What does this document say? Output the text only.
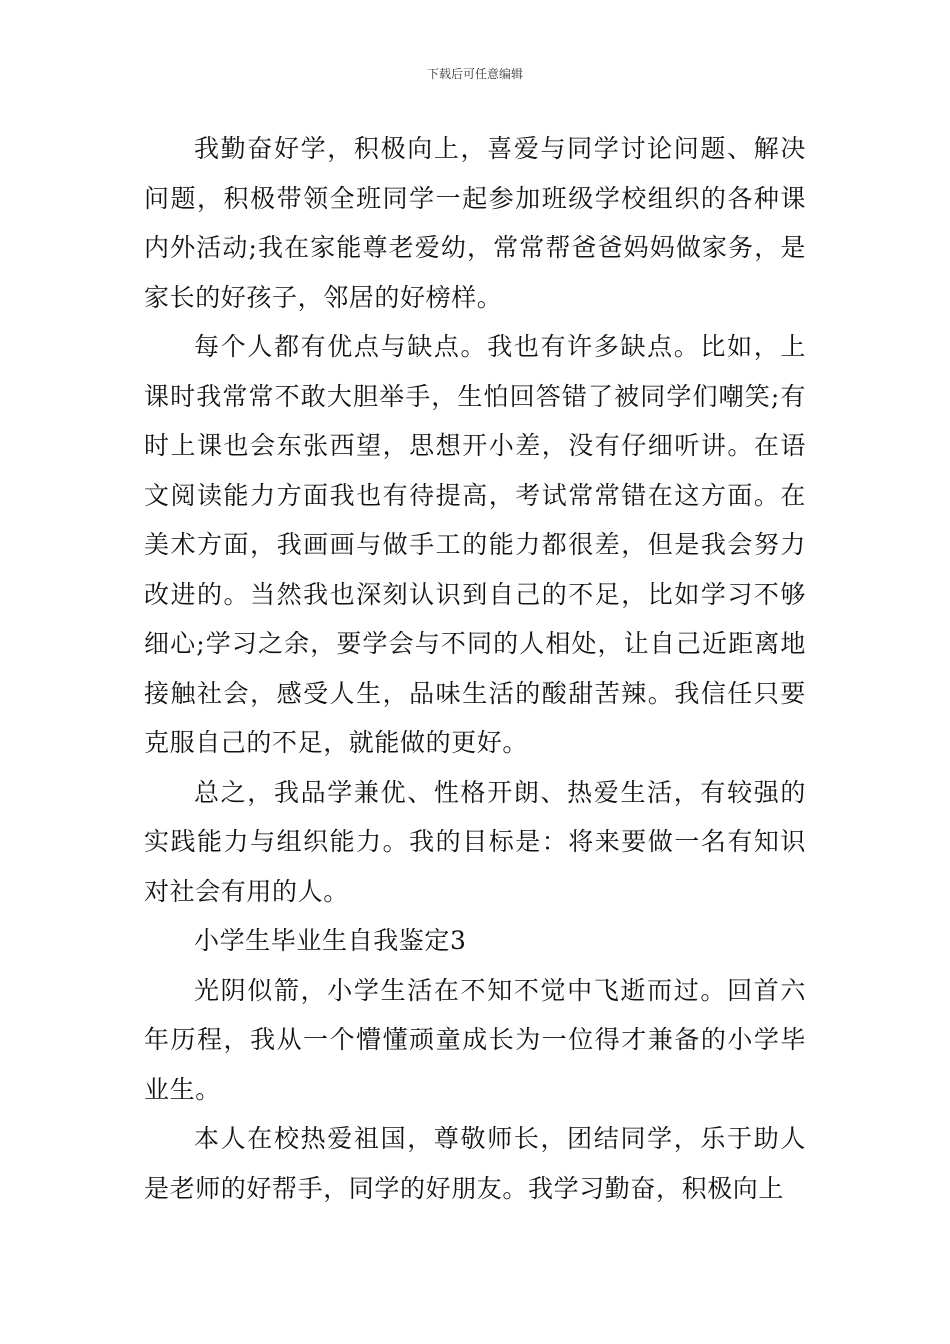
下载后可任意编辑

我勤奋好学，积极向上，喜爱与同学讨论问题、解决问题，积极带领全班同学一起参加班级学校组织的各种课内外活动;我在家能尊老爱幼，常常帮爸爸妈妈做家务，是家长的好孩子，邻居的好榜样。

每个人都有优点与缺点。我也有许多缺点。比如，上课时我常常不敢大胆举手，生怕回答错了被同学们嘲笑;有时上课也会东张西望，思想开小差，没有仔细听讲。在语文阅读能力方面我也有待提高，考试常常错在这方面。在美术方面，我画画与做手工的能力都很差，但是我会努力改进的。当然我也深刻认识到自己的不足，比如学习不够细心;学习之余，要学会与不同的人相处，让自己近距离地接触社会，感受人生，品味生活的酸甜苦辣。我信任只要克服自己的不足，就能做的更好。

总之，我品学兼优、性格开朗、热爱生活，有较强的实践能力与组织能力。我的目标是：将来要做一名有知识对社会有用的人。

小学生毕业生自我鉴定3

光阴似箭，小学生活在不知不觉中飞逝而过。回首六年历程，我从一个懵懂顽童成长为一位得才兼备的小学毕业生。

本人在校热爱祖国，尊敬师长，团结同学，乐于助人是老师的好帮手，同学的好朋友。我学习勤奋，积极向上
